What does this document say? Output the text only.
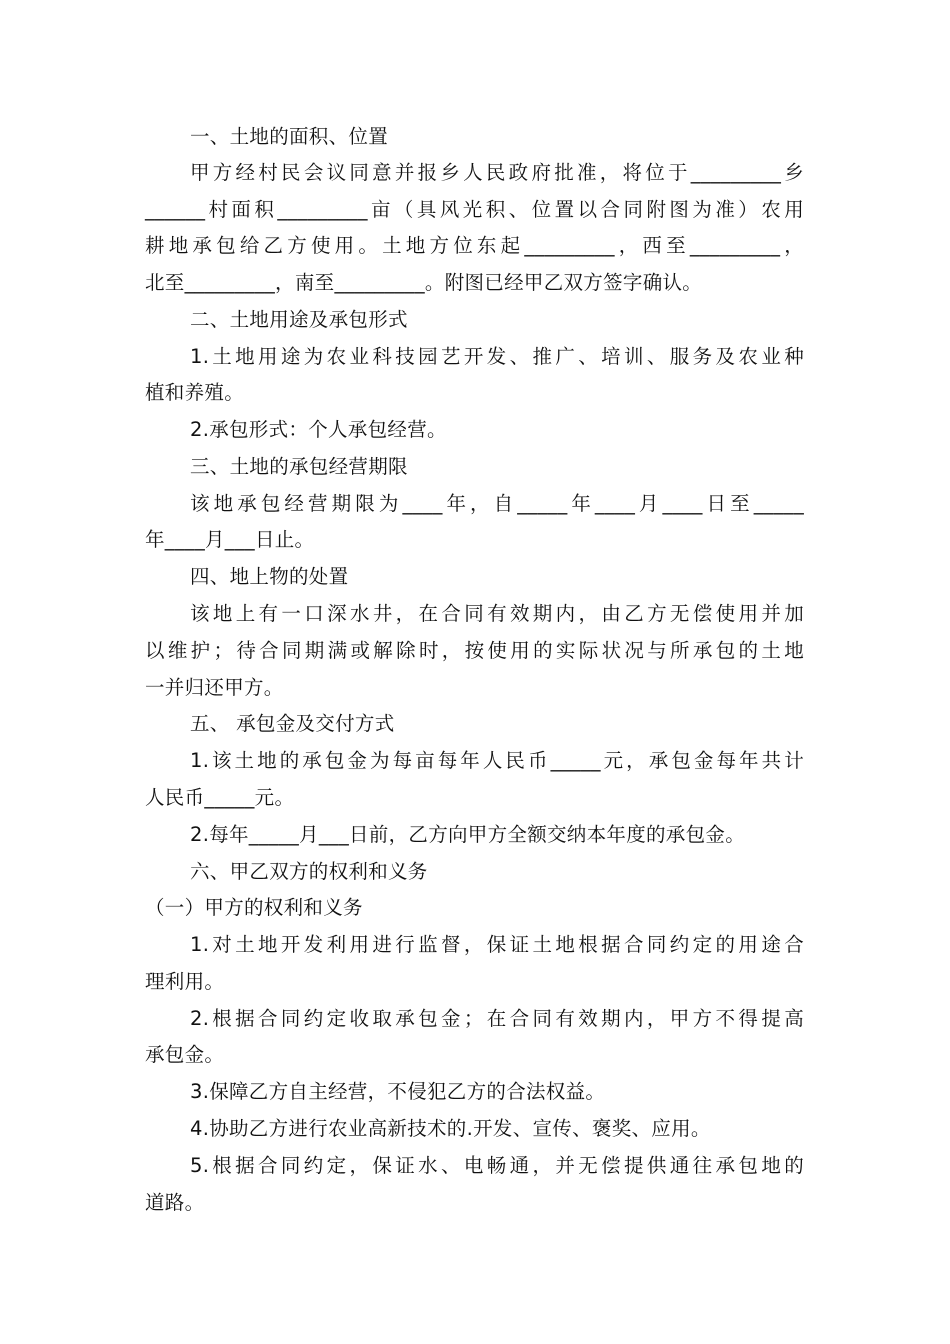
一、土地的面积、位置
甲方经村民会议同意并报乡人民政府批准，将位于_________乡
______村面积_________亩（具风光积、位置以合同附图为准）农用
耕地承包给乙方使用。土地方位东起_________，西至_________，
北至_________，南至_________。附图已经甲乙双方签字确认。
二、土地用途及承包形式
1.土地用途为农业科技园艺开发、推广、培训、服务及农业种
植和养殖。
2.承包形式：个人承包经营。
三、土地的承包经营期限
该地承包经营期限为____年，自_____年____月____日至_____
年____月___日止。
四、地上物的处置
该地上有一口深水井，在合同有效期内，由乙方无偿使用并加
以维护；待合同期满或解除时，按使用的实际状况与所承包的土地
一并归还甲方。
五、 承包金及交付方式
1.该土地的承包金为每亩每年人民币_____元，承包金每年共计
人民币_____元。
2.每年_____月___日前，乙方向甲方全额交纳本年度的承包金。
六、甲乙双方的权利和义务
（一）甲方的权利和义务
1.对土地开发利用进行监督，保证土地根据合同约定的用途合
理利用。
2.根据合同约定收取承包金；在合同有效期内，甲方不得提高
承包金。
3.保障乙方自主经营，不侵犯乙方的合法权益。
4.协助乙方进行农业高新技术的.开发、宣传、褒奖、应用。
5.根据合同约定，保证水、电畅通，并无偿提供通往承包地的
道路。
